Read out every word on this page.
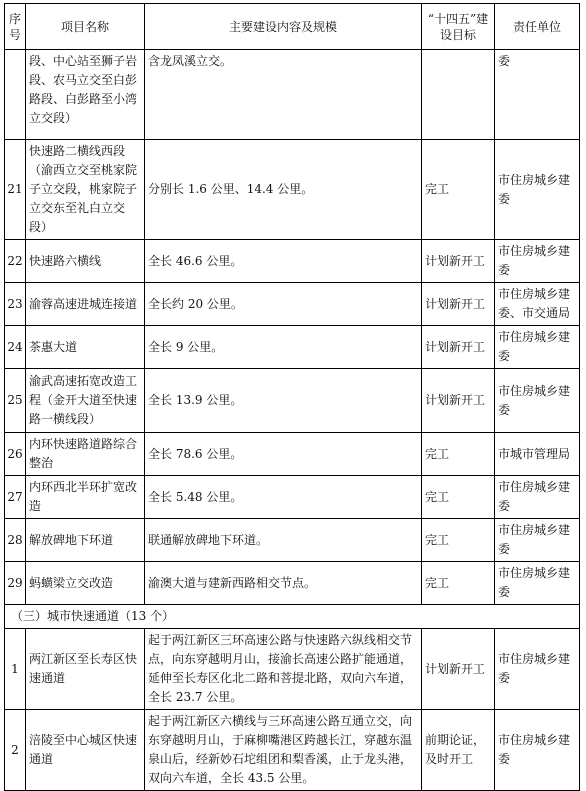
序号	项目名称	主要建设内容及规模	“十四五”建设目标	责任单位
	段、中心站至狮子岩段、农马立交至白彭路段、白彭路至小湾立交段）	含龙凤溪立交。		委
21	快速路二横线西段（渝西立交至桃家院子立交段，桃家院子立交东至礼白立交段）	分别长 1.6 公里、14.4 公里。	完工	市住房城乡建委
22	快速路六横线	全长 46.6 公里。	计划新开工	市住房城乡建委
23	渝蓉高速进城连接道	全长约 20 公里。	计划新开工	市住房城乡建委、市交通局
24	茶惠大道	全长 9 公里。	计划新开工	市住房城乡建委
25	渝武高速拓宽改造工程（金开大道至快速路一横线段）	全长 13.9 公里。	计划新开工	市住房城乡建委
26	内环快速路道路综合整治	全长 78.6 公里。	完工	市城市管理局
27	内环西北半环扩宽改造	全长 5.48 公里。	完工	市住房城乡建委
28	解放碑地下环道	联通解放碑地下环道。	完工	市住房城乡建委
29	蚂蟥梁立交改造	渝澳大道与建新西路相交节点。	完工	市住房城乡建委
（三）城市快速通道（13 个）				
1	两江新区至长寿区快速通道	起于两江新区三环高速公路与快速路六纵线相交节点，向东穿越明月山，接渝长高速公路扩能通道，延伸至长寿区化北二路和菩提北路，双向六车道，全长 23.7 公里。	计划新开工	市住房城乡建委
2	涪陵至中心城区快速通道	起于两江新区六横线与三环高速公路互通立交，向东穿越明月山，于麻柳嘴港区跨越长江，穿越东温泉山后，经新妙石坨组团和梨香溪，止于龙头港，双向六车道，全长 43.5 公里。	前期论证，及时开工	市住房城乡建委
